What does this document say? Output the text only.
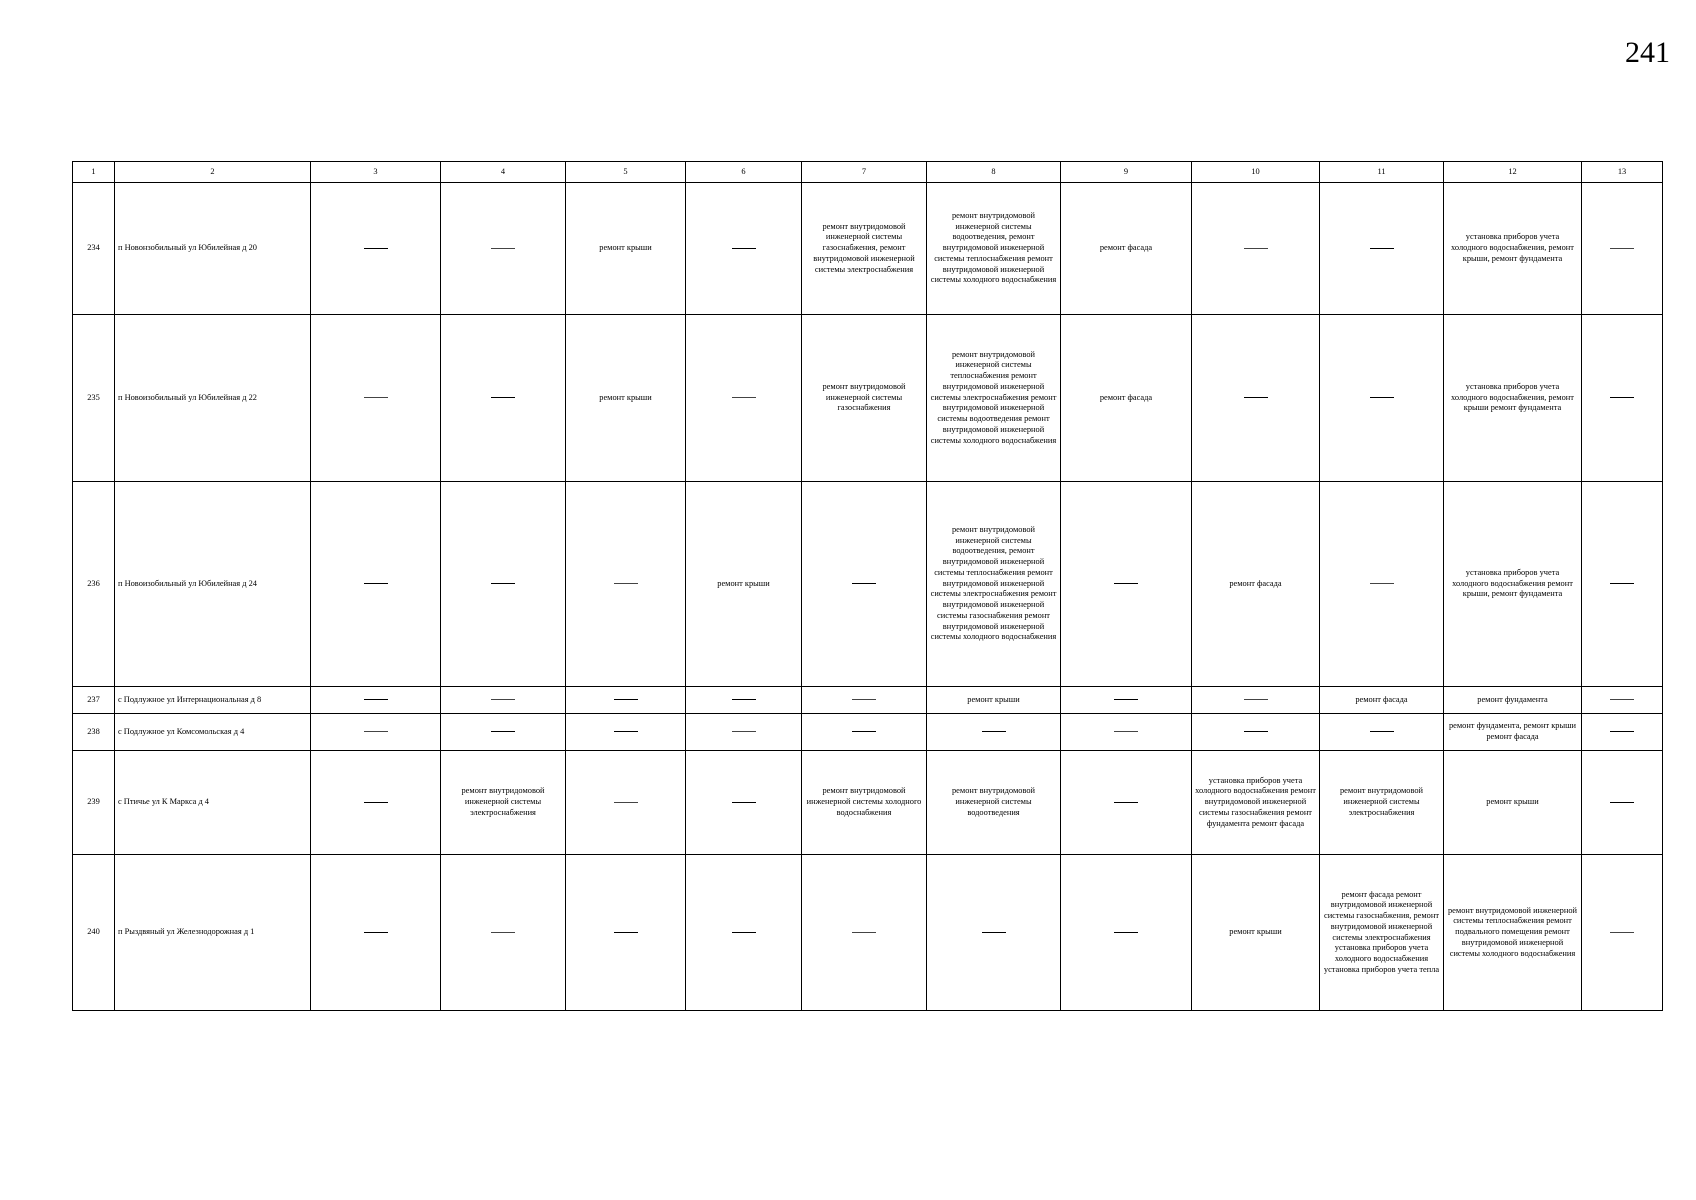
241
1	2	3	4	5	6	7	8	9	10	11	12	13
234	п Новонзобильный ул Юбилейная д 20			ремонт крыши		ремонт внутридомовой инженерной системы газоснабжения, ремонт внутридомовой инженерной системы электроснабжения	ремонт внутридомовой инженерной системы водоотведения, ремонт внутридомовой инженерной системы теплоснабжения ремонт внутридомовой инженерной системы холодного водоснабжения	ремонт фасада			установка приборов учета холодного водоснабжения, ремонт крыши, ремонт фундамента	
235	п Новоизобильный ул Юбилейная д 22			ремонт крыши		ремонт внутридомовой инженерной системы газоснабжения	ремонт внутридомовой инженерной системы теплоснабжения ремонт внутридомовой инженерной системы электроснабжения ремонт внутридомовой инженерной системы водоотведения ремонт внутридомовой инженерной системы холодного водоснабжения	ремонт фасада			установка приборов учета холодного водоснабжения, ремонт крыши ремонт фундамента	
236	п Новоизобильный ул Юбилейная д 24				ремонт крыши		ремонт внутридомовой инженерной системы водоотведения, ремонт внутридомовой инженерной системы теплоснабжения ремонт внутридомовой инженерной системы электроснабжения ремонт внутридомовой инженерной системы газоснабжения ремонт внутридомовой инженерной системы холодного водоснабжения		ремонт фасада		установка приборов учета холодного водоснабжения ремонт крыши, ремонт фундамента	
237	с Подлужное ул Интернациональная д 8						ремонт крыши			ремонт фасада	ремонт фундамента	
238	с Подлужное ул Комсомольская д 4										ремонт фундамента, ремонт крыши ремонт фасада	
239	с Птичье ул К Маркса д 4		ремонт внутридомовой инженерной системы электроснабжения			ремонт внутридомовой инженерной системы холодного водоснабжения	ремонт внутридомовой инженерной системы водоотведения		установка приборов учета холодного водоснабжения ремонт внутридомовой инженерной системы газоснабжения ремонт фундамента ремонт фасада	ремонт внутридомовой инженерной системы электроснабжения	ремонт крыши	
240	п Рыздвяный ул Железнодорожная д 1								ремонт крыши	ремонт фасада ремонт внутридомовой инженерной системы газоснабжения, ремонт внутридомовой инженерной системы электроснабжения установка приборов учета холодного водоснабжения установка приборов учета тепла	ремонт внутридомовой инженерной системы теплоснабжения ремонт подвального помещения ремонт внутридомовой инженерной системы холодного водоснабжения	
